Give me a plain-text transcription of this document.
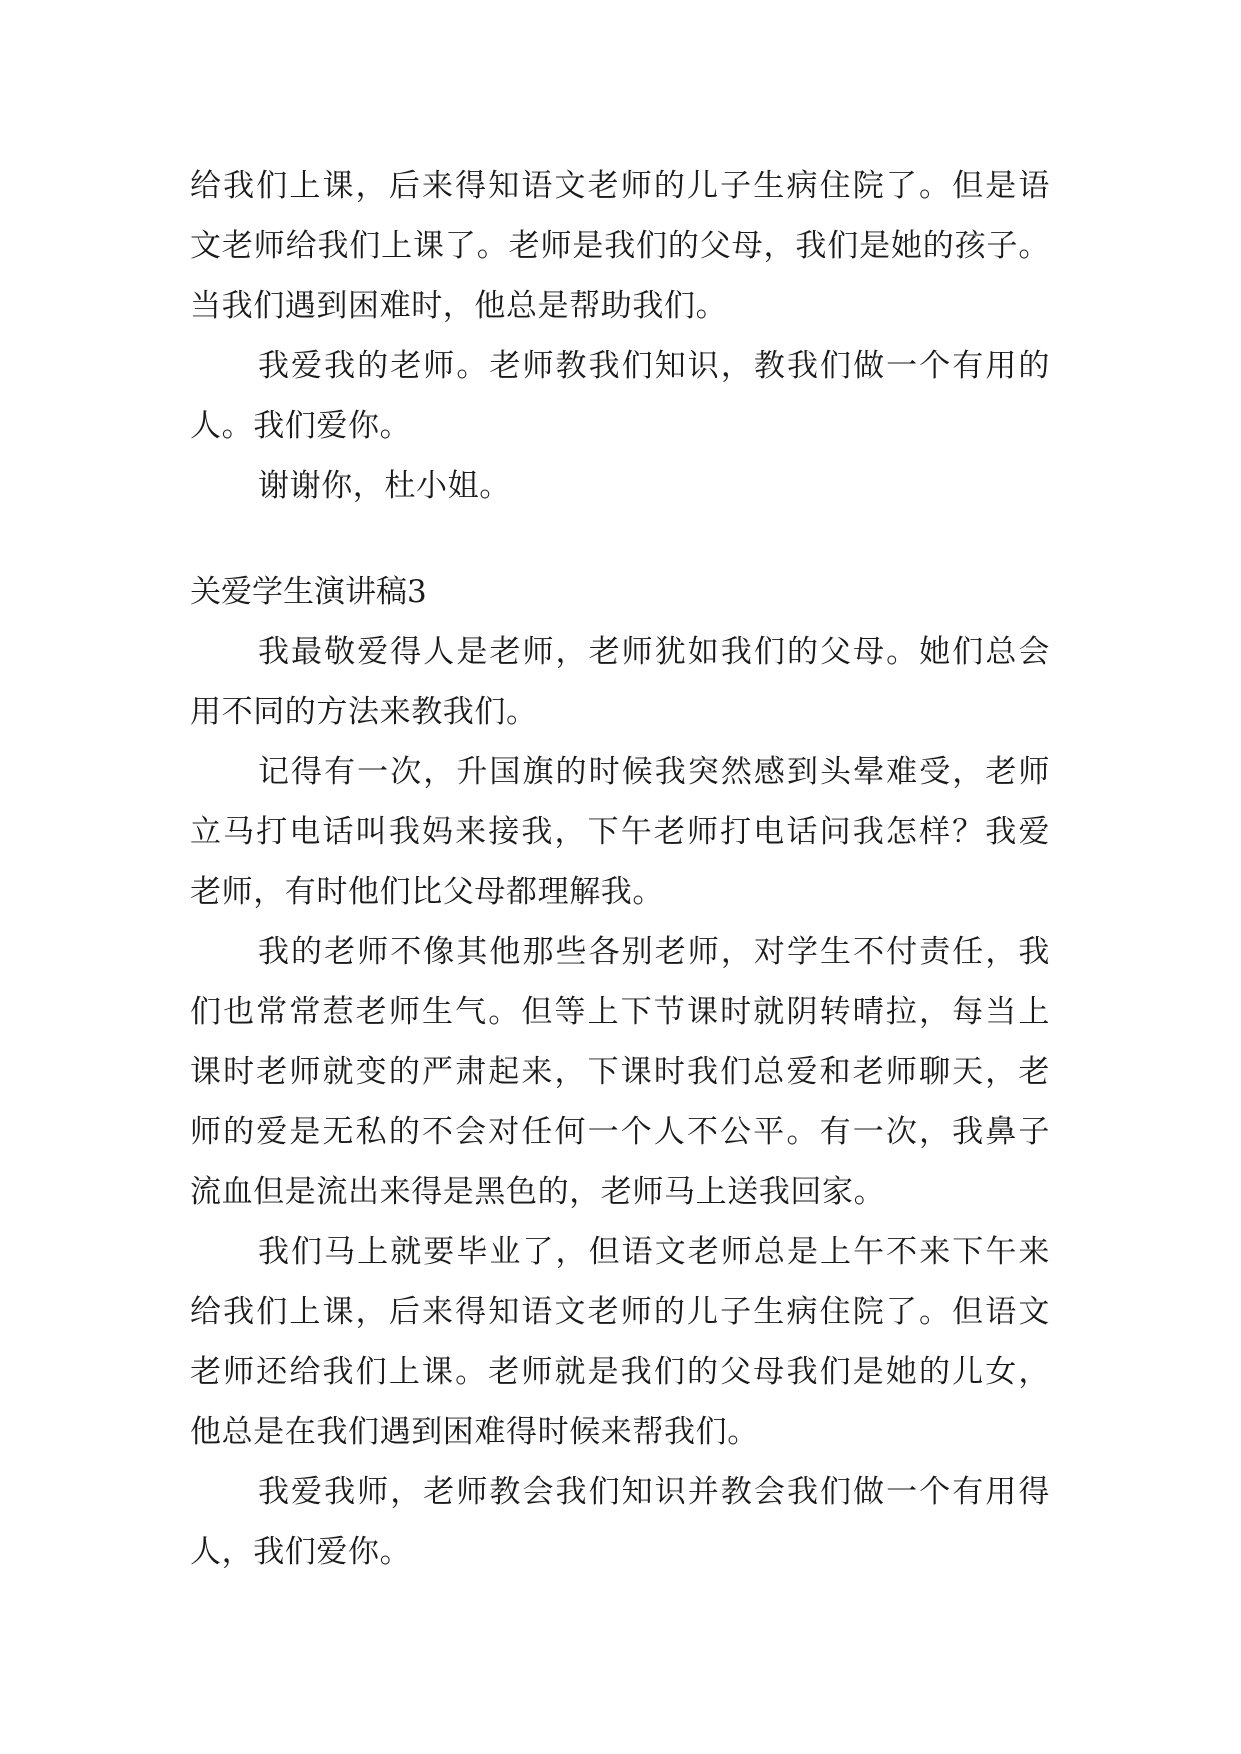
给我们上课，后来得知语文老师的儿子生病住院了。但是语
文老师给我们上课了。老师是我们的父母，我们是她的孩子。
当我们遇到困难时，他总是帮助我们。
我爱我的老师。老师教我们知识，教我们做一个有用的
人。我们爱你。
谢谢你，杜小姐。
关爱学生演讲稿3
我最敬爱得人是老师，老师犹如我们的父母。她们总会
用不同的方法来教我们。
记得有一次，升国旗的时候我突然感到头晕难受，老师
立马打电话叫我妈来接我，下午老师打电话问我怎样？我爱
老师，有时他们比父母都理解我。
我的老师不像其他那些各别老师，对学生不付责任，我
们也常常惹老师生气。但等上下节课时就阴转晴拉，每当上
课时老师就变的严肃起来，下课时我们总爱和老师聊天，老
师的爱是无私的不会对任何一个人不公平。有一次，我鼻子
流血但是流出来得是黑色的，老师马上送我回家。
我们马上就要毕业了，但语文老师总是上午不来下午来
给我们上课，后来得知语文老师的儿子生病住院了。但语文
老师还给我们上课。老师就是我们的父母我们是她的儿女，
他总是在我们遇到困难得时候来帮我们。
我爱我师，老师教会我们知识并教会我们做一个有用得
人，我们爱你。
